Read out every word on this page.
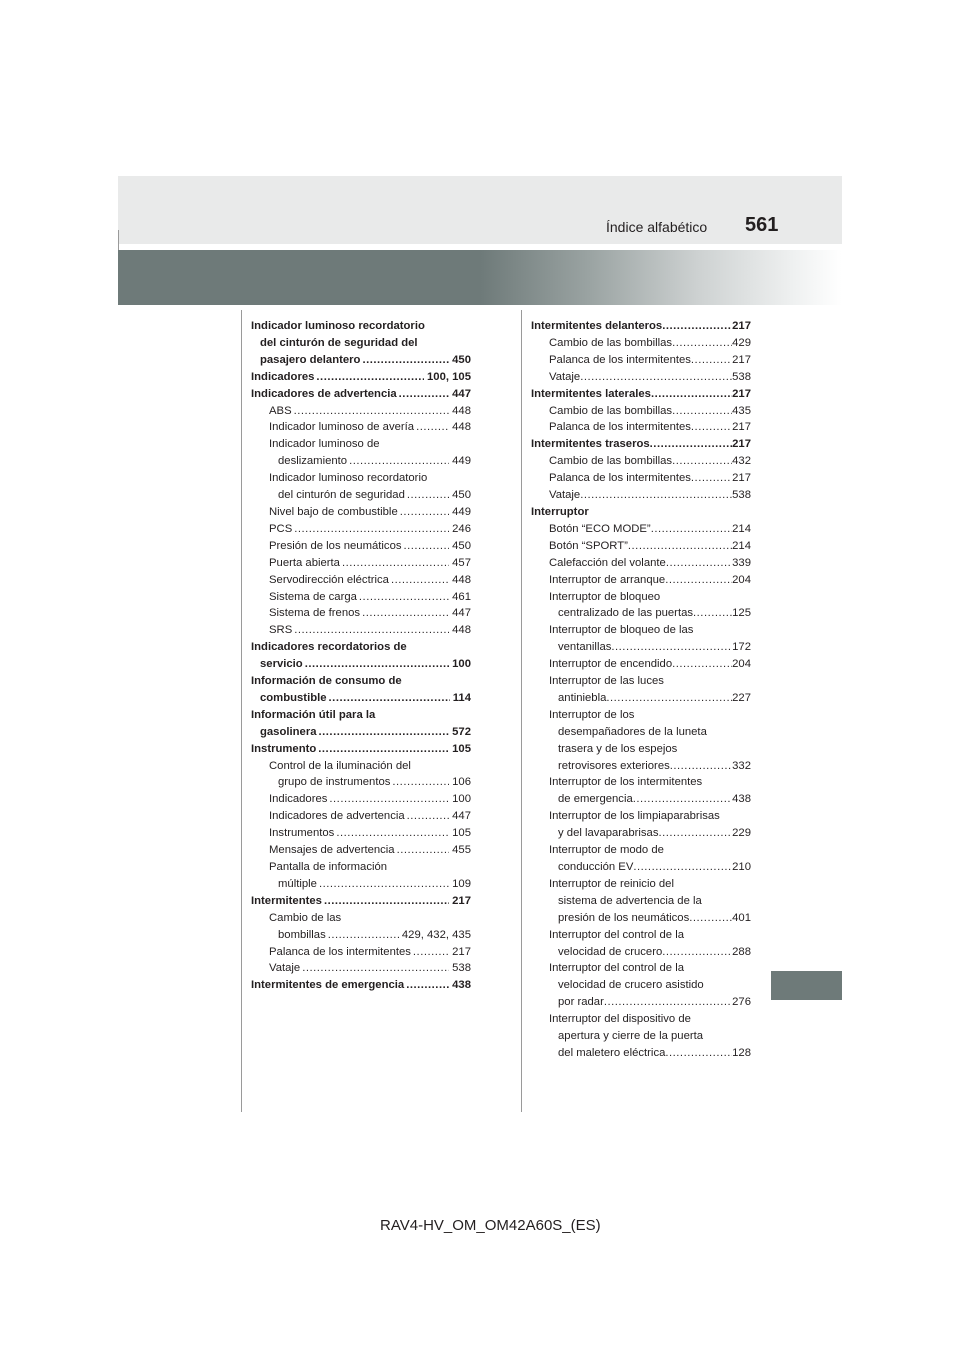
Índice alfabético 561
Indicador luminoso recordatorio
del cinturón de seguridad del
pasajero delantero .....	450
Indicadores .....	100, 105
Indicadores de advertencia .....	447
ABS .....	448
Indicador luminoso de avería .....	448
Indicador luminoso de
deslizamiento .....	449
Indicador luminoso recordatorio
del cinturón de seguridad .....	450
Nivel bajo de combustible .....	449
PCS .....	246
Presión de los neumáticos .....	450
Puerta abierta .....	457
Servodirección eléctrica .....	448
Sistema de carga .....	461
Sistema de frenos .....	447
SRS .....	448
Indicadores recordatorios de
servicio .....	100
Información de consumo de
combustible .....	114
Información útil para la
gasolinera .....	572
Instrumento .....	105
Control de la iluminación del
grupo de instrumentos .....	106
Indicadores .....	100
Indicadores de advertencia .....	447
Instrumentos .....	105
Mensajes de advertencia .....	455
Pantalla de información
múltiple .....	109
Intermitentes .....	217
Cambio de las
bombillas .....	429, 432, 435
Palanca de los intermitentes .....	217
Vataje .....	538
Intermitentes de emergencia .....	438
Intermitentes delanteros .....	217
Cambio de las bombillas .....	429
Palanca de los intermitentes .....	217
Vataje .....	538
Intermitentes laterales .....	217
Cambio de las bombillas .....	435
Palanca de los intermitentes .....	217
Intermitentes traseros .....	217
Cambio de las bombillas .....	432
Palanca de los intermitentes .....	217
Vataje .....	538
Interruptor
Botón “ECO MODE” .....	214
Botón “SPORT” .....	214
Calefacción del volante .....	339
Interruptor de arranque .....	204
Interruptor de bloqueo
centralizado de las puertas .....	125
Interruptor de bloqueo de las
ventanillas .....	172
Interruptor de encendido .....	204
Interruptor de las luces
antiniebla .....	227
Interruptor de los
desempañadores de la luneta
trasera y de los espejos
retrovisores exteriores .....	332
Interruptor de los intermitentes
de emergencia .....	438
Interruptor de los limpiaparabrisas
y del lavaparabrisas .....	229
Interruptor de modo de
conducción EV .....	210
Interruptor de reinicio del
sistema de advertencia de la
presión de los neumáticos .....	401
Interruptor del control de la
velocidad de crucero .....	288
Interruptor del control de la
velocidad de crucero asistido
por radar .....	276
Interruptor del dispositivo de
apertura y cierre de la puerta
del maletero eléctrica .....	128
RAV4-HV_OM_OM42A60S_(ES)
